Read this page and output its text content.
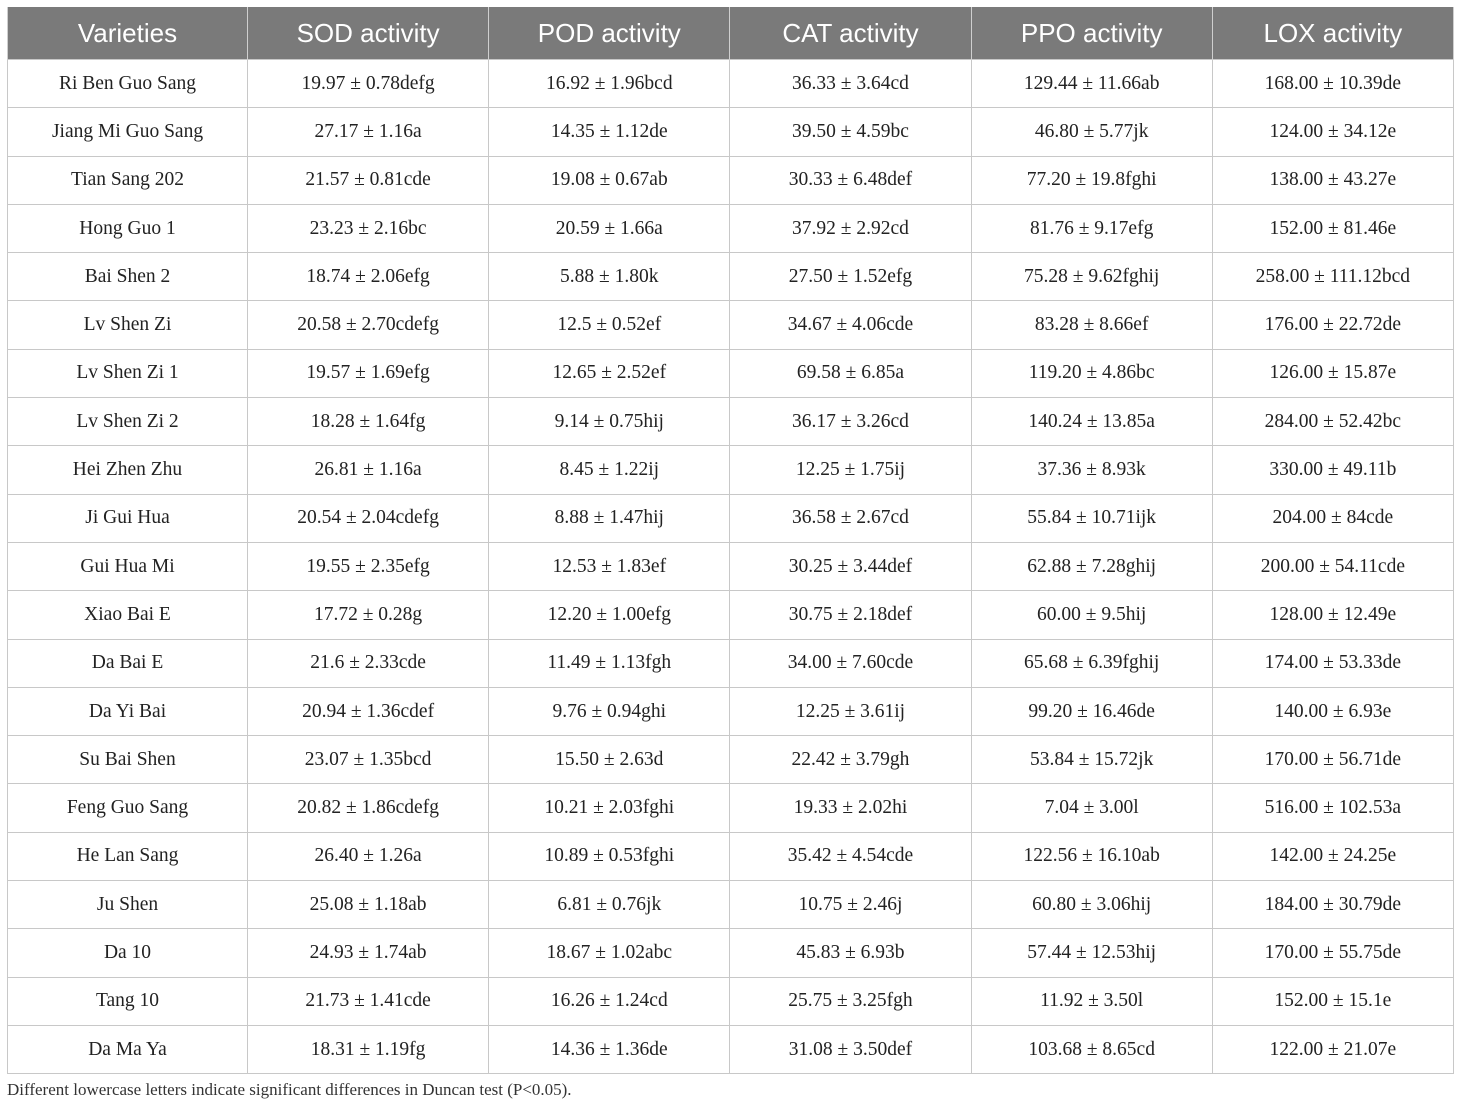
Varieties	SOD activity	POD activity	CAT activity	PPO activity	LOX activity
Ri Ben Guo Sang	19.97 ± 0.78defg	16.92 ± 1.96bcd	36.33 ± 3.64cd	129.44 ± 11.66ab	168.00 ± 10.39de
Jiang Mi Guo Sang	27.17 ± 1.16a	14.35 ± 1.12de	39.50 ± 4.59bc	46.80 ± 5.77jk	124.00 ± 34.12e
Tian Sang 202	21.57 ± 0.81cde	19.08 ± 0.67ab	30.33 ± 6.48def	77.20 ± 19.8fghi	138.00 ± 43.27e
Hong Guo 1	23.23 ± 2.16bc	20.59 ± 1.66a	37.92 ± 2.92cd	81.76 ± 9.17efg	152.00 ± 81.46e
Bai Shen 2	18.74 ± 2.06efg	5.88 ± 1.80k	27.50 ± 1.52efg	75.28 ± 9.62fghij	258.00 ± 111.12bcd
Lv Shen Zi	20.58 ± 2.70cdefg	12.5 ± 0.52ef	34.67 ± 4.06cde	83.28 ± 8.66ef	176.00 ± 22.72de
Lv Shen Zi 1	19.57 ± 1.69efg	12.65 ± 2.52ef	69.58 ± 6.85a	119.20 ± 4.86bc	126.00 ± 15.87e
Lv Shen Zi 2	18.28 ± 1.64fg	9.14 ± 0.75hij	36.17 ± 3.26cd	140.24 ± 13.85a	284.00 ± 52.42bc
Hei Zhen Zhu	26.81 ± 1.16a	8.45 ± 1.22ij	12.25 ± 1.75ij	37.36 ± 8.93k	330.00 ± 49.11b
Ji Gui Hua	20.54 ± 2.04cdefg	8.88 ± 1.47hij	36.58 ± 2.67cd	55.84 ± 10.71ijk	204.00 ± 84cde
Gui Hua Mi	19.55 ± 2.35efg	12.53 ± 1.83ef	30.25 ± 3.44def	62.88 ± 7.28ghij	200.00 ± 54.11cde
Xiao Bai E	17.72 ± 0.28g	12.20 ± 1.00efg	30.75 ± 2.18def	60.00 ± 9.5hij	128.00 ± 12.49e
Da Bai E	21.6 ± 2.33cde	11.49 ± 1.13fgh	34.00 ± 7.60cde	65.68 ± 6.39fghij	174.00 ± 53.33de
Da Yi Bai	20.94 ± 1.36cdef	9.76 ± 0.94ghi	12.25 ± 3.61ij	99.20 ± 16.46de	140.00 ± 6.93e
Su Bai Shen	23.07 ± 1.35bcd	15.50 ± 2.63d	22.42 ± 3.79gh	53.84 ± 15.72jk	170.00 ± 56.71de
Feng Guo Sang	20.82 ± 1.86cdefg	10.21 ± 2.03fghi	19.33 ± 2.02hi	7.04 ± 3.00l	516.00 ± 102.53a
He Lan Sang	26.40 ± 1.26a	10.89 ± 0.53fghi	35.42 ± 4.54cde	122.56 ± 16.10ab	142.00 ± 24.25e
Ju Shen	25.08 ± 1.18ab	6.81 ± 0.76jk	10.75 ± 2.46j	60.80 ± 3.06hij	184.00 ± 30.79de
Da 10	24.93 ± 1.74ab	18.67 ± 1.02abc	45.83 ± 6.93b	57.44 ± 12.53hij	170.00 ± 55.75de
Tang 10	21.73 ± 1.41cde	16.26 ± 1.24cd	25.75 ± 3.25fgh	11.92 ± 3.50l	152.00 ± 15.1e
Da Ma Ya	18.31 ± 1.19fg	14.36 ± 1.36de	31.08 ± 3.50def	103.68 ± 8.65cd	122.00 ± 21.07e
Different lowercase letters indicate significant differences in Duncan test (P<0.05).
